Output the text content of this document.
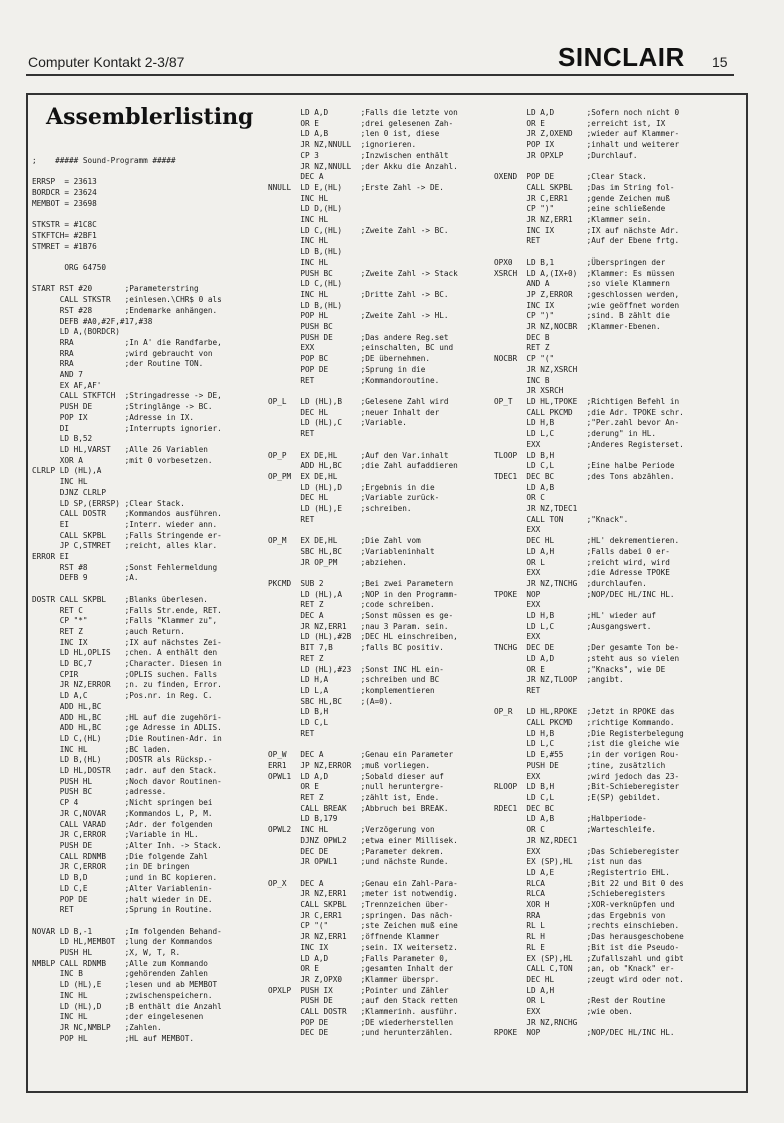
Computer Kontakt 2-3/87	SINCLAIR 15
Assemblerlisting
;    ##### Sound-Programm #####

ERRSP  = 23613
BORDCR = 23624
MEMBOT = 23698

STKSTR = #1C8C
STKFTCH= #2BF1
STMRET = #1B76

ORG 64750

START RST #20       ;Parameterstring
CALL STKSTR   ;einlesen.\CHR$ 0 als
RST #28       ;Endemarke anhängen.
DEFB #A0,#2F,#17,#38
LD A,(BORDCR)
RRA           ;In A' die Randfarbe,
RRA           ;wird gebraucht von
RRA           ;der Routine TON.
AND 7
EX AF,AF'
CALL STKFTCH  ;Stringadresse -> DE,
PUSH DE       ;Stringlänge -> BC.
POP IX        ;Adresse in IX.
DI            ;Interrupts ignorier.
LD B,52
LD HL,VARST   ;Alle 26 Variablen
XOR A         ;mit 0 vorbesetzen.
CLRLP LD (HL),A
INC HL
DJNZ CLRLP
LD SP,(ERRSP) ;Clear Stack.
CALL DOSTR    ;Kommandos ausführen.
EI            ;Interr. wieder ann.
CALL SKPBL    ;Falls Stringende er-
JP C,STMRET   ;reicht, alles klar.
ERROR EI
RST #8        ;Sonst Fehlermeldung
DEFB 9        ;A.

DOSTR CALL SKPBL    ;Blanks überlesen.
RET C         ;Falls Str.ende, RET.
CP "*"        ;Falls "Klammer zu",
RET Z         ;auch Return.
INC IX        ;IX auf nächstes Zei-
LD HL,OPLIS   ;chen. A enthält den
LD BC,7       ;Character. Diesen in
CPIR          ;OPLIS suchen. Falls
JR NZ,ERROR   ;n. zu finden, Error.
LD A,C        ;Pos.nr. in Reg. C.
ADD HL,BC
ADD HL,BC     ;HL auf die zugehöri-
ADD HL,BC     ;ge Adresse in ADLIS.
LD C,(HL)     ;Die Routinen-Adr. in
INC HL        ;BC laden.
LD B,(HL)     ;DOSTR als Rücksp.-
LD HL,DOSTR   ;adr. auf den Stack.
PUSH HL       ;Noch davor Routinen-
PUSH BC       ;adresse.
CP 4          ;Nicht springen bei
JR C,NOVAR    ;Kommandos L, P, M.
CALL VARAD    ;Adr. der folgenden
JR C,ERROR    ;Variable in HL.
PUSH DE       ;Alter Inh. -> Stack.
CALL RDNMB    ;Die folgende Zahl
JR C,ERROR    ;in DE bringen
LD B,D        ;und in BC kopieren.
LD C,E        ;Alter Variablenin-
POP DE        ;halt wieder in DE.
RET           ;Sprung in Routine.

NOVAR LD B,-1       ;Im folgenden Behand-
LD HL,MEMBOT  ;lung der Kommandos
PUSH HL       ;X, W, T, R.
NMBLP CALL RDNMB    ;Alle zum Kommando
INC B         ;gehörenden Zahlen
LD (HL),E     ;lesen und ab MEMBOT
INC HL        ;zwischenspeichern.
LD (HL),D     ;B enthält die Anzahl
INC HL        ;der eingelesenen
JR NC,NMBLP   ;Zahlen.
POP HL        ;HL auf MEMBOT.
LD A,D       ;Falls die letzte von
OR E         ;drei gelesenen Zah-
LD A,B       ;len 0 ist, diese
JR NZ,NNULL  ;ignorieren.
CP 3         ;Inzwischen enthält
JR NZ,NNULL  ;der Akku die Anzahl.
DEC A
NNULL  LD E,(HL)    ;Erste Zahl -> DE.
INC HL
LD D,(HL)
INC HL
LD C,(HL)    ;Zweite Zahl -> BC.
INC HL
LD B,(HL)
INC HL
PUSH BC      ;Zweite Zahl -> Stack
LD C,(HL)
INC HL       ;Dritte Zahl -> BC.
LD B,(HL)
POP HL       ;Zweite Zahl -> HL.
PUSH BC
PUSH DE      ;Das andere Reg.set
EXX          ;einschalten, BC und
POP BC       ;DE übernehmen.
POP DE       ;Sprung in die
RET          ;Kommandoroutine.

OP_L   LD (HL),B    ;Gelesene Zahl wird
DEC HL       ;neuer Inhalt der
LD (HL),C    ;Variable.
RET

OP_P   EX DE,HL     ;Auf den Var.inhalt
ADD HL,BC    ;die Zahl aufaddieren
OP_PM  EX DE,HL
LD (HL),D    ;Ergebnis in die
DEC HL       ;Variable zurück-
LD (HL),E    ;schreiben.
RET

OP_M   EX DE,HL     ;Die Zahl vom
SBC HL,BC    ;Variableninhalt
JR OP_PM     ;abziehen.

PKCMD  SUB 2        ;Bei zwei Parametern
LD (HL),A    ;NOP in den Programm-
RET Z        ;code schreiben.
DEC A        ;Sonst müssen es ge-
JR NZ,ERR1   ;nau 3 Param. sein.
LD (HL),#2B  ;DEC HL einschreiben,
BIT 7,B      ;falls BC positiv.
RET Z
LD (HL),#23  ;Sonst INC HL ein-
LD H,A       ;schreiben und BC
LD L,A       ;komplementieren
SBC HL,BC    ;(A=0).
LD B,H
LD C,L
RET

OP_W   DEC A        ;Genau ein Parameter
ERR1   JP NZ,ERROR  ;muß vorliegen.
OPWL1  LD A,D       ;Sobald dieser auf
OR E         ;null heruntergre-
RET Z        ;zählt ist, Ende.
CALL BREAK   ;Abbruch bei BREAK.
LD B,179
OPWL2  INC HL       ;Verzögerung von
DJNZ OPWL2   ;etwa einer Millisek.
DEC DE       ;Parameter dekrem.
JR OPWL1     ;und nächste Runde.

OP_X   DEC A        ;Genau ein Zahl-Para-
JR NZ,ERR1   ;meter ist notwendig.
CALL SKPBL   ;Trennzeichen über-
JR C,ERR1    ;springen. Das näch-
CP "("       ;ste Zeichen muß eine
JR NZ,ERR1   ;öffnende Klammer
INC IX       ;sein. IX weitersetz.
LD A,D       ;Falls Parameter 0,
OR E         ;gesamten Inhalt der
JR Z,OPX0    ;Klammer überspr.
OPXLP  PUSH IX      ;Pointer und Zähler
PUSH DE      ;auf den Stack retten
CALL DOSTR   ;Klammerinh. ausführ.
POP DE       ;DE wiederherstellen
DEC DE       ;und herunterzählen.
LD A,D       ;Sofern noch nicht 0
OR E         ;erreicht ist, IX
JR Z,OXEND   ;wieder auf Klammer-
POP IX       ;inhalt und weiterer
JR OPXLP     ;Durchlauf.

OXEND  POP DE       ;Clear Stack.
CALL SKPBL   ;Das im String fol-
JR C,ERR1    ;gende Zeichen muß
CP ")"       ;eine schließende
JR NZ,ERR1   ;Klammer sein.
INC IX       ;IX auf nächste Adr.
RET          ;Auf der Ebene frtg.

OPX0   LD B,1       ;Überspringen der
XSRCH  LD A,(IX+0)  ;Klammer: Es müssen
AND A        ;so viele Klammern
JP Z,ERROR   ;geschlossen werden,
INC IX       ;wie geöffnet worden
CP ")"       ;sind. B zählt die
JR NZ,NOCBR  ;Klammer-Ebenen.
DEC B
RET Z
NOCBR  CP "("
JR NZ,XSRCH
INC B
JR XSRCH
OP_T   LD HL,TPOKE  ;Richtigen Befehl in
CALL PKCMD   ;die Adr. TPOKE schr.
LD H,B       ;"Per.zahl bevor An-
LD L,C       ;derung" in HL.
EXX          ;Anderes Registerset.
TLOOP  LD B,H
LD C,L       ;Eine halbe Periode
TDEC1  DEC BC       ;des Tons abzählen.
LD A,B
OR C
JR NZ,TDEC1
CALL TON     ;"Knack".
EXX
DEC HL       ;HL' dekrementieren.
LD A,H       ;Falls dabei 0 er-
OR L         ;reicht wird, wird
EXX          ;die Adresse TPOKE
JR NZ,TNCHG  ;durchlaufen.
TPOKE  NOP          ;NOP/DEC HL/INC HL.
EXX
LD H,B       ;HL' wieder auf
LD L,C       ;Ausgangswert.
EXX
TNCHG  DEC DE       ;Der gesamte Ton be-
LD A,D       ;steht aus so vielen
OR E         ;"Knacks", wie DE
JR NZ,TLOOP  ;angibt.
RET

OP_R   LD HL,RPOKE  ;Jetzt in RPOKE das
CALL PKCMD   ;richtige Kommando.
LD H,B       ;Die Registerbelegung
LD L,C       ;ist die gleiche wie
LD E,#55     ;in der vorigen Rou-
PUSH DE      ;tine, zusätzlich
EXX          ;wird jedoch das 23-
RLOOP  LD B,H       ;Bit-Schieberegister
LD C,L       ;E(SP) gebildet.
RDEC1  DEC BC
LD A,B       ;Halbperiode-
OR C         ;Warteschleife.
JR NZ,RDEC1
EXX          ;Das Schieberegister
EX (SP),HL   ;ist nun das
LD A,E       ;Registertrio EHL.
RLCA         ;Bit 22 und Bit 0 des
RLCA         ;Schieberegisters
XOR H        ;XOR-verknüpfen und
RRA          ;das Ergebnis von
RL L         ;rechts einschieben.
RL H         ;Das herausgeschobene
RL E         ;Bit ist die Pseudo-
EX (SP),HL   ;Zufallszahl und gibt
CALL C,TON   ;an, ob "Knack" er-
DEC HL       ;zeugt wird oder not.
LD A,H
OR L         ;Rest der Routine
EXX          ;wie oben.
JR NZ,RNCHG
RPOKE  NOP          ;NOP/DEC HL/INC HL.
